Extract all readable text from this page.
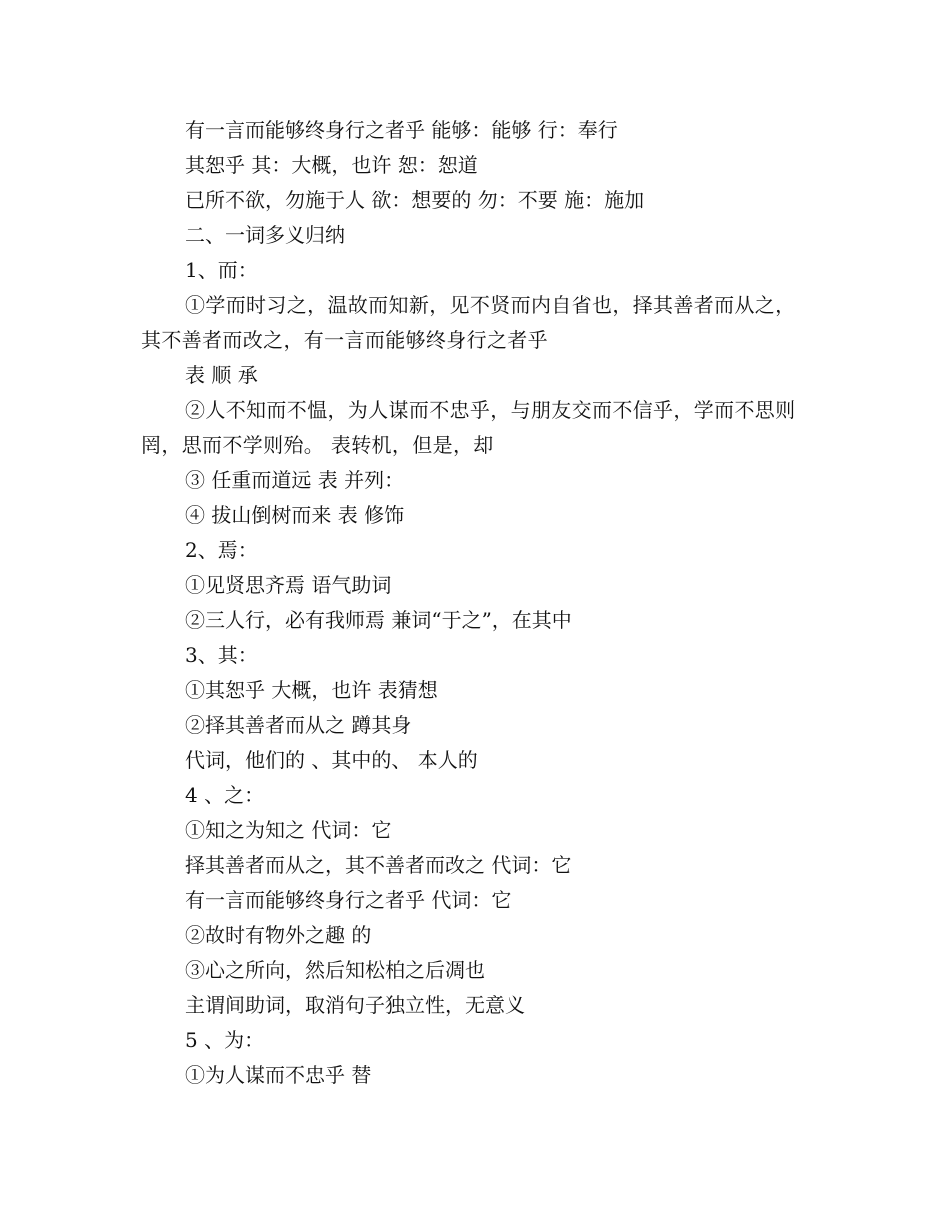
有一言而能够终身行之者乎 能够：能够 行：奉行

其恕乎 其：大概，也许 恕：恕道

已所不欲，勿施于人 欲：想要的 勿：不要 施：施加

二、一词多义归纳

1、而：

①学而时习之，温故而知新，见不贤而内自省也，择其善者而从之，其不善者而改之，有一言而能够终身行之者乎

表 顺 承

②人不知而不愠，为人谋而不忠乎，与朋友交而不信乎，学而不思则罔，思而不学则殆。 表转机，但是，却

③ 任重而道远 表 并列：

④ 拔山倒树而来 表 修饰

2、焉：

①见贤思齐焉 语气助词

②三人行，必有我师焉 兼词“于之”，在其中

3、其：

①其恕乎 大概，也许 表猜想

②择其善者而从之 蹲其身

代词，他们的 、其中的、 本人的

4 、之：

①知之为知之 代词：它

择其善者而从之，其不善者而改之 代词：它

有一言而能够终身行之者乎 代词：它

②故时有物外之趣 的

③心之所向，然后知松柏之后凋也

主谓间助词，取消句子独立性，无意义

5 、为：

①为人谋而不忠乎 替
